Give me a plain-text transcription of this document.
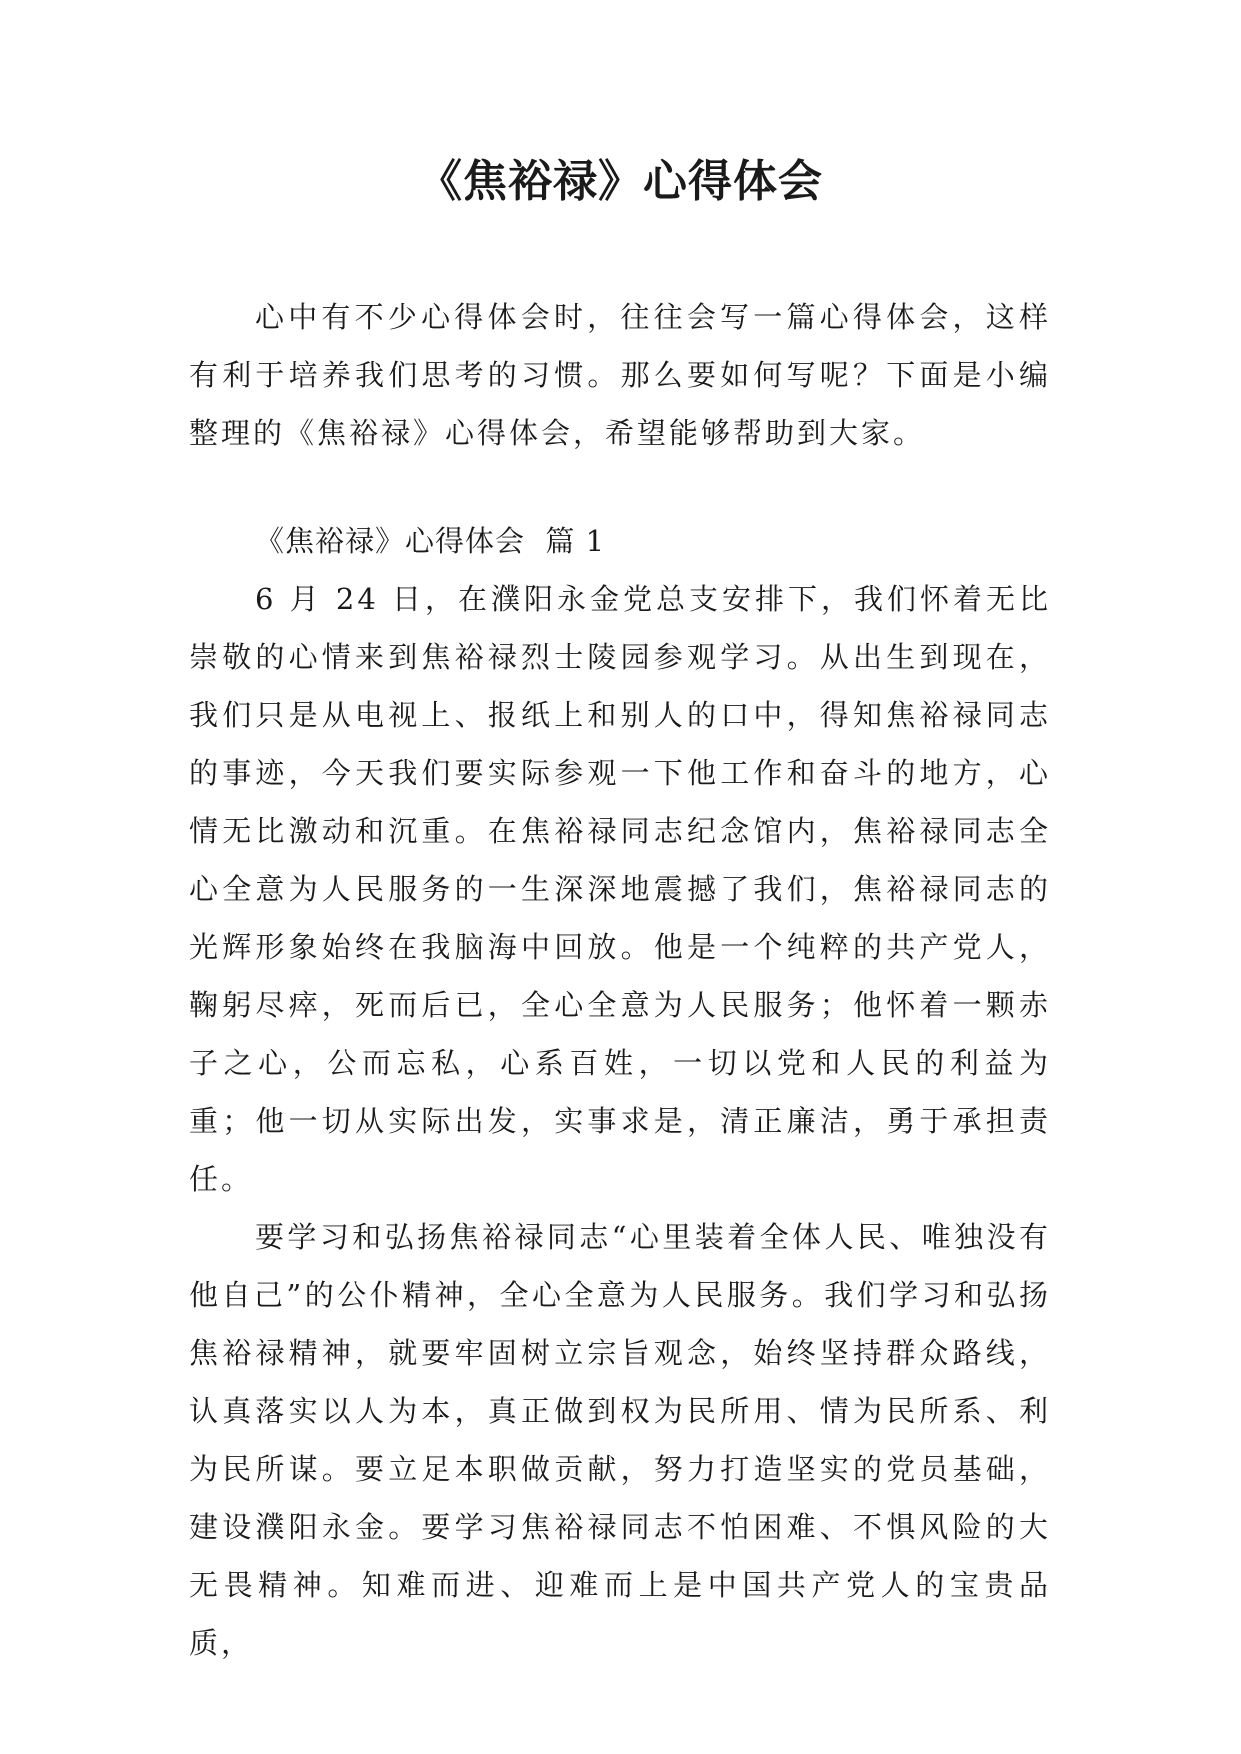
《焦裕禄》心得体会

心中有不少心得体会时，往往会写一篇心得体会，这样有利于培养我们思考的习惯。那么要如何写呢？下面是小编整理的《焦裕禄》心得体会，希望能够帮助到大家。

《焦裕禄》心得体会  篇 1

6 月 24 日，在濮阳永金党总支安排下，我们怀着无比崇敬的心情来到焦裕禄烈士陵园参观学习。从出生到现在，我们只是从电视上、报纸上和别人的口中，得知焦裕禄同志的事迹，今天我们要实际参观一下他工作和奋斗的地方，心情无比激动和沉重。在焦裕禄同志纪念馆内，焦裕禄同志全心全意为人民服务的一生深深地震撼了我们，焦裕禄同志的光辉形象始终在我脑海中回放。他是一个纯粹的共产党人，鞠躬尽瘁，死而后已，全心全意为人民服务；他怀着一颗赤子之心，公而忘私，心系百姓，一切以党和人民的利益为重；他一切从实际出发，实事求是，清正廉洁，勇于承担责任。

要学习和弘扬焦裕禄同志“心里装着全体人民、唯独没有他自己”的公仆精神，全心全意为人民服务。我们学习和弘扬焦裕禄精神，就要牢固树立宗旨观念，始终坚持群众路线，认真落实以人为本，真正做到权为民所用、情为民所系、利为民所谋。要立足本职做贡献，努力打造坚实的党员基础，建设濮阳永金。要学习焦裕禄同志不怕困难、不惧风险的大无畏精神。知难而进、迎难而上是中国共产党人的宝贵品质，
